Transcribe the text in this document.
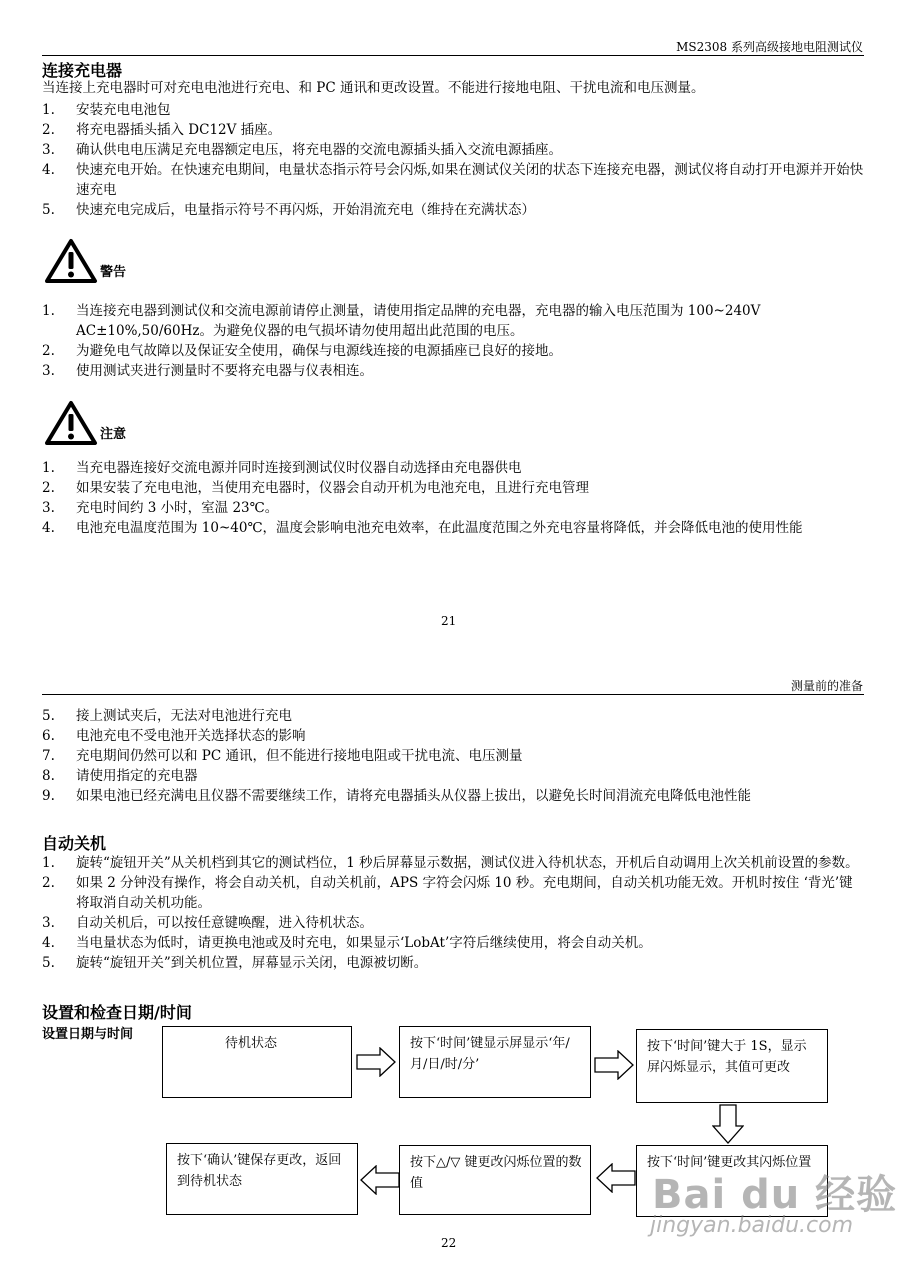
MS2308 系列高级接地电阻测试仪
连接充电器
当连接上充电器时可对充电电池进行充电、和 PC 通讯和更改设置。不能进行接地电阻、干扰电流和电压测量。
1. 安装充电电池包
2. 将充电器插头插入 DC12V 插座。
3. 确认供电电压满足充电器额定电压，将充电器的交流电源插头插入交流电源插座。
4. 快速充电开始。在快速充电期间，电量状态指示符号会闪烁,如果在测试仪关闭的状态下连接充电器，测试仪将自动打开电源并开始快速充电
5. 快速充电完成后，电量指示符号不再闪烁，开始涓流充电（维持在充满状态）
警告
1. 当连接充电器到测试仪和交流电源前请停止测量，请使用指定品牌的充电器，充电器的输入电压范围为 100~240V AC±10%,50/60Hz。为避免仪器的电气损坏请勿使用超出此范围的电压。
2. 为避免电气故障以及保证安全使用，确保与电源线连接的电源插座已良好的接地。
3. 使用测试夹进行测量时不要将充电器与仪表相连。
注意
1. 当充电器连接好交流电源并同时连接到测试仪时仪器自动选择由充电器供电
2. 如果安装了充电电池，当使用充电器时，仪器会自动开机为电池充电，且进行充电管理
3. 充电时间约 3 小时，室温 23℃。
4. 电池充电温度范围为 10~40℃，温度会影响电池充电效率，在此温度范围之外充电容量将降低，并会降低电池的使用性能
21
测量前的准备
5. 接上测试夹后，无法对电池进行充电
6. 电池充电不受电池开关选择状态的影响
7. 充电期间仍然可以和 PC 通讯，但不能进行接地电阻或干扰电流、电压测量
8. 请使用指定的充电器
9. 如果电池已经充满电且仪器不需要继续工作，请将充电器插头从仪器上拔出，以避免长时间涓流充电降低电池性能
自动关机
1. 旋转“旋钮开关”从关机档到其它的测试档位，1 秒后屏幕显示数据，测试仪进入待机状态，开机后自动调用上次关机前设置的参数。
2. 如果 2 分钟没有操作，将会自动关机，自动关机前，APS 字符会闪烁 10 秒。充电期间，自动关机功能无效。开机时按住 ‘背光’键将取消自动关机功能。
3. 自动关机后，可以按任意键唤醒，进入待机状态。
4. 当电量状态为低时，请更换电池或及时充电，如果显示‘LobAt’字符后继续使用，将会自动关机。
5. 旋转“旋钮开关”到关机位置，屏幕显示关闭，电源被切断。
设置和检查日期/时间
设置日期与时间
待机状态	按下‘时间’键显示屏显示‘年/月/日/时/分’
按下‘时间’键大于 1S，显示屏闪烁显示，其值可更改
按下‘时间’键更改其闪烁位置
按下△/▽ 键更改闪烁位置的数值
按下‘确认’键保存更改，返回到待机状态
22
Bai du 经验
jingyan.baidu.com
